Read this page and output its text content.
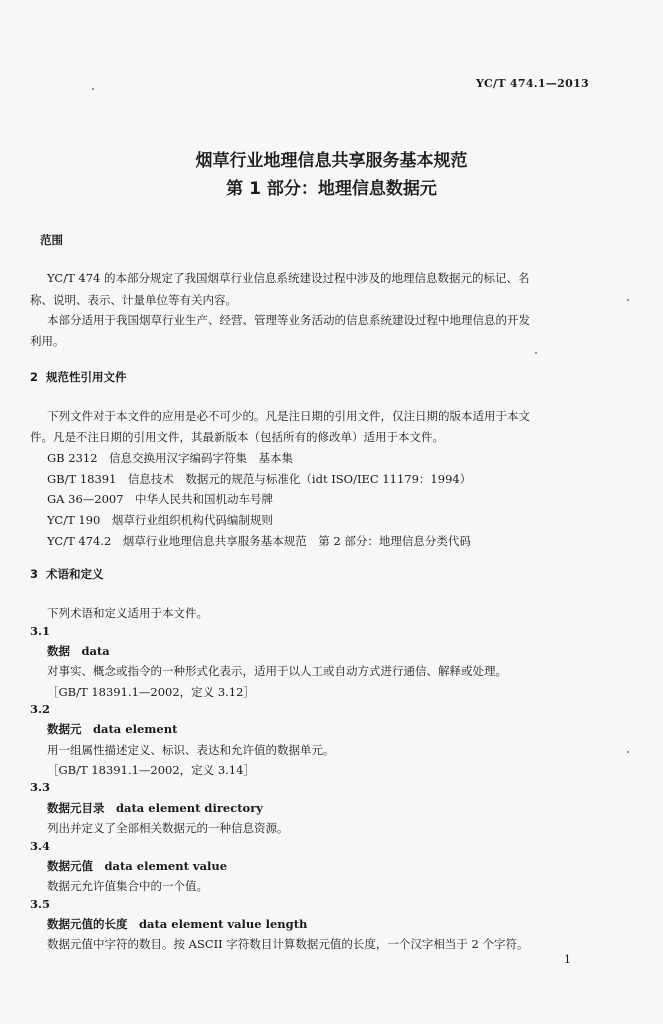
YC/T 474.1—2013
烟草行业地理信息共享服务基本规范
第 1 部分：地理信息数据元
范围
YC/T 474 的本部分规定了我国烟草行业信息系统建设过程中涉及的地理信息数据元的标记、名
称、说明、表示、计量单位等有关内容。
本部分适用于我国烟草行业生产、经营、管理等业务活动的信息系统建设过程中地理信息的开发
利用。
2 规范性引用文件
下列文件对于本文件的应用是必不可少的。凡是注日期的引用文件，仅注日期的版本适用于本文
件。凡是不注日期的引用文件，其最新版本（包括所有的修改单）适用于本文件。
GB 2312　信息交换用汉字编码字符集　基本集
GB/T 18391　信息技术　数据元的规范与标准化（idt ISO/IEC 11179：1994）
GA 36—2007　中华人民共和国机动车号牌
YC/T 190　烟草行业组织机构代码编制规则
YC/T 474.2　烟草行业地理信息共享服务基本规范　第 2 部分：地理信息分类代码
3 术语和定义
下列术语和定义适用于本文件。
3.1
数据　data
对事实、概念或指令的一种形式化表示，适用于以人工或自动方式进行通信、解释或处理。
［GB/T 18391.1—2002，定义 3.12］
3.2
数据元　data element
用一组属性描述定义、标识、表达和允许值的数据单元。
［GB/T 18391.1—2002，定义 3.14］
3.3
数据元目录　data element directory
列出并定义了全部相关数据元的一种信息资源。
3.4
数据元值　data element value
数据元允许值集合中的一个值。
3.5
数据元值的长度　data element value length
数据元值中字符的数目。按 ASCII 字符数目计算数据元值的长度，一个汉字相当于 2 个字符。
1
